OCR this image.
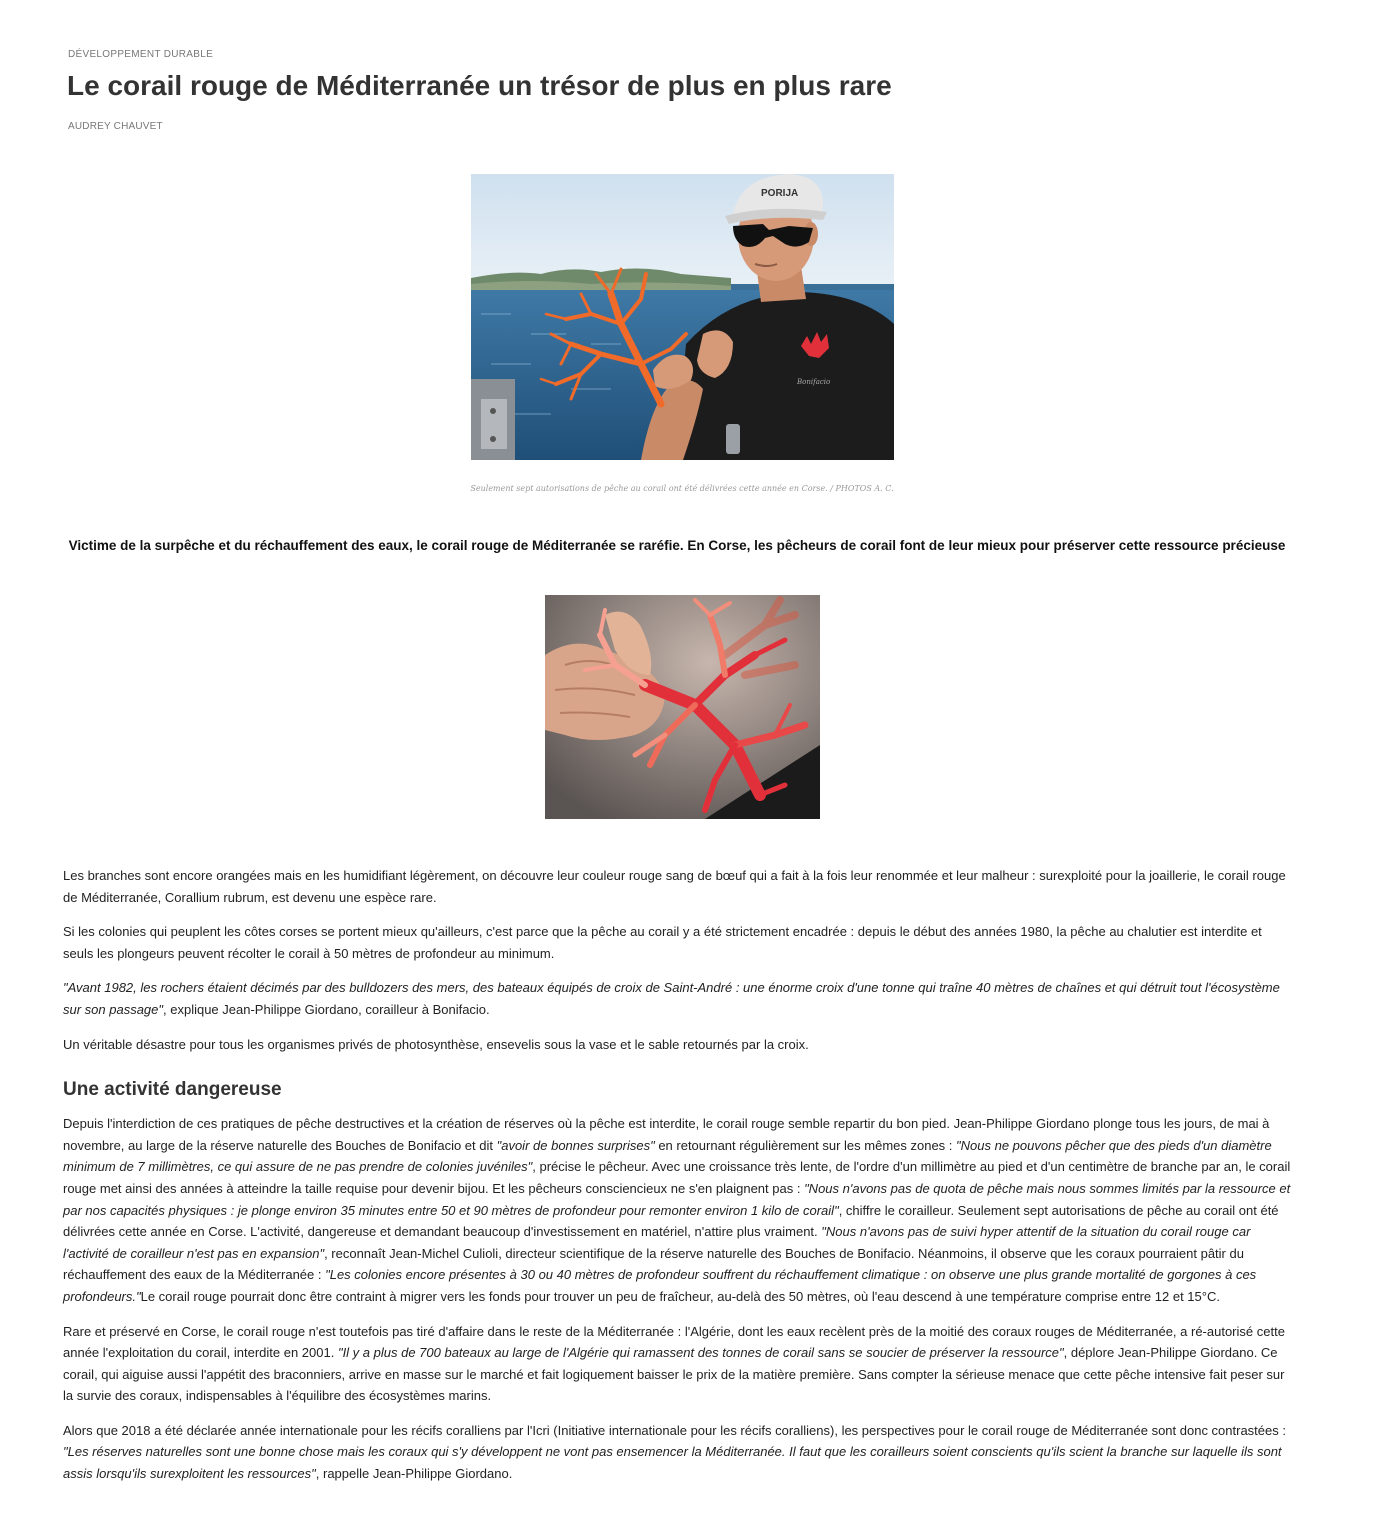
DÉVELOPPEMENT DURABLE
Le corail rouge de Méditerranée un trésor de plus en plus rare
AUDREY CHAUVET
PORIJA
Bonifacio
Seulement sept autorisations de pêche au corail ont été délivrées cette année en Corse. / PHOTOS A. C.
Victime de la surpêche et du réchauffement des eaux, le corail rouge de Méditerranée se raréfie. En Corse, les pêcheurs de corail font de leur mieux pour préserver cette ressource précieuse

Les branches sont encore orangées mais en les humidifiant légèrement, on découvre leur couleur rouge sang de bœuf qui a fait à la fois leur renommée et leur malheur : surexploité pour la joaillerie, le corail rouge de Méditerranée, Corallium rubrum, est devenu une espèce rare.

Si les colonies qui peuplent les côtes corses se portent mieux qu'ailleurs, c'est parce que la pêche au corail y a été strictement encadrée : depuis le début des années 1980, la pêche au chalutier est interdite et seuls les plongeurs peuvent récolter le corail à 50 mètres de profondeur au minimum.

"Avant 1982, les rochers étaient décimés par des bulldozers des mers, des bateaux équipés de croix de Saint-André : une énorme croix d'une tonne qui traîne 40 mètres de chaînes et qui détruit tout l'écosystème sur son passage", explique Jean-Philippe Giordano, corailleur à Bonifacio.

Un véritable désastre pour tous les organismes privés de photosynthèse, ensevelis sous la vase et le sable retournés par la croix.

Une activité dangereuse

Depuis l'interdiction de ces pratiques de pêche destructives et la création de réserves où la pêche est interdite, le corail rouge semble repartir du bon pied. Jean-Philippe Giordano plonge tous les jours, de mai à novembre, au large de la réserve naturelle des Bouches de Bonifacio et dit "avoir de bonnes surprises" en retournant régulièrement sur les mêmes zones : "Nous ne pouvons pêcher que des pieds d'un diamètre minimum de 7 millimètres, ce qui assure de ne pas prendre de colonies juvéniles", précise le pêcheur. Avec une croissance très lente, de l'ordre d'un millimètre au pied et d'un centimètre de branche par an, le corail rouge met ainsi des années à atteindre la taille requise pour devenir bijou. Et les pêcheurs consciencieux ne s'en plaignent pas : "Nous n'avons pas de quota de pêche mais nous sommes limités par la ressource et par nos capacités physiques : je plonge environ 35 minutes entre 50 et 90 mètres de profondeur pour remonter environ 1 kilo de corail", chiffre le corailleur. Seulement sept autorisations de pêche au corail ont été délivrées cette année en Corse. L'activité, dangereuse et demandant beaucoup d'investissement en matériel, n'attire plus vraiment. "Nous n'avons pas de suivi hyper attentif de la situation du corail rouge car l'activité de corailleur n'est pas en expansion", reconnaît Jean-Michel Culioli, directeur scientifique de la réserve naturelle des Bouches de Bonifacio. Néanmoins, il observe que les coraux pourraient pâtir du réchauffement des eaux de la Méditerranée : "Les colonies encore présentes à 30 ou 40 mètres de profondeur souffrent du réchauffement climatique : on observe une plus grande mortalité de gorgones à ces profondeurs."Le corail rouge pourrait donc être contraint à migrer vers les fonds pour trouver un peu de fraîcheur, au-delà des 50 mètres, où l'eau descend à une température comprise entre 12 et 15°C.

Rare et préservé en Corse, le corail rouge n'est toutefois pas tiré d'affaire dans le reste de la Méditerranée : l'Algérie, dont les eaux recèlent près de la moitié des coraux rouges de Méditerranée, a ré-autorisé cette année l'exploitation du corail, interdite en 2001. "Il y a plus de 700 bateaux au large de l'Algérie qui ramassent des tonnes de corail sans se soucier de préserver la ressource", déplore Jean-Philippe Giordano. Ce corail, qui aiguise aussi l'appétit des braconniers, arrive en masse sur le marché et fait logiquement baisser le prix de la matière première. Sans compter la sérieuse menace que cette pêche intensive fait peser sur la survie des coraux, indispensables à l'équilibre des écosystèmes marins.

Alors que 2018 a été déclarée année internationale pour les récifs coralliens par l'Icri (Initiative internationale pour les récifs coralliens), les perspectives pour le corail rouge de Méditerranée sont donc contrastées : "Les réserves naturelles sont une bonne chose mais les coraux qui s'y développent ne vont pas ensemencer la Méditerranée. Il faut que les corailleurs soient conscients qu'ils scient la branche sur laquelle ils sont assis lorsqu'ils surexploitent les ressources", rappelle Jean-Philippe Giordano.
